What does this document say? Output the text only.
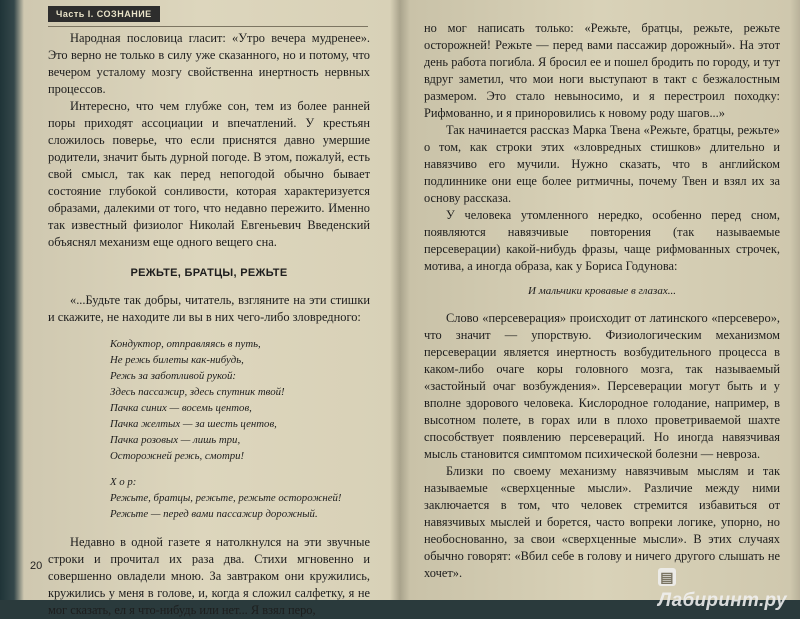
Часть I. СОЗНАНИЕ

Народная пословица гласит: «Утро вечера мудренее». Это верно не только в силу уже сказанного, но и потому, что вечером усталому мозгу свойственна инертность нервных процессов.

Интересно, что чем глубже сон, тем из более ранней поры приходят ассоциации и впечатлений. У крестьян сложилось поверье, что если приснятся давно умершие родители, значит быть дурной погоде. В этом, пожалуй, есть свой смысл, так как перед непогодой обычно бывает состояние глубокой сонливости, которая характеризуется образами, далекими от того, что недавно пережито. Именно так известный физиолог Николай Евгеньевич Введенский объяснял механизм еще одного вещего сна.

РЕЖЬТЕ, БРАТЦЫ, РЕЖЬТЕ

«...Будьте так добры, читатель, взгляните на эти стишки и скажите, не находите ли вы в них чего-либо зловредного:

Кондуктор, отправляясь в путь,
Не режь билеты как-нибудь,
Режь за заботливой рукой:
Здесь пассажир, здесь спутник твой!
Пачка синих — восемь центов,
Пачка желтых — за шесть центов,
Пачка розовых — лишь три,
Осторожней режь, смотри!
Х о р:
Режьте, братцы, режьте, режьте осторожней!
Режьте — перед вами пассажир дорожный.

Недавно в одной газете я натолкнулся на эти звучные строки и прочитал их раза два. Стихи мгновенно и совершенно овладели мною. За завтраком они кружились, кружились у меня в голове, и, когда я сложил салфетку, я не мог сказать, ел я что-нибудь или нет... Я взял перо,

20

но мог написать только: «Режьте, братцы, режьте, режьте осторожней! Режьте — перед вами пассажир дорожный». На этот день работа погибла. Я бросил ее и пошел бродить по городу, и тут вдруг заметил, что мои ноги выступают в такт с безжалостным размером. Это стало невыносимо, и я перестроил походку: Рифмованно, и я приноровились к новому роду шагов...»

Так начинается рассказ Марка Твена «Режьте, братцы, режьте» о том, как строки этих «зловредных стишков» длительно и навязчиво его мучили. Нужно сказать, что в английском подлиннике они еще более ритмичны, почему Твен и взял их за основу рассказа.

У человека утомленного нередко, особенно перед сном, появляются навязчивые повторения (так называемые персеверации) какой-нибудь фразы, чаще рифмованных строчек, мотива, а иногда образа, как у Бориса Годунова:

И мальчики кровавые в глазах...

Слово «персеверация» происходит от латинского «персеверо», что значит — упорствую. Физиологическим механизмом персеверации является инертность возбудительного процесса в каком-либо очаге коры головного мозга, так называемый «застойный очаг возбуждения». Персеверации могут быть и у вполне здорового человека. Кислородное голодание, например, в высотном полете, в горах или в плохо проветриваемой шахте способствует появлению персевераций. Но иногда навязчивая мысль становится симптомом психической болезни — невроза.

Близки по своему механизму навязчивым мыслям и так называемые «сверхценные мысли». Различие между ними заключается в том, что человек стремится избавиться от навязчивых мыслей и борется, часто вопреки логике, упорно, но необоснованно, за свои «сверхценные мысли». В этих случаях обычно говорят: «Вбил себе в голову и ничего другого слышать не хочет».	▤Лабиринт.ру
